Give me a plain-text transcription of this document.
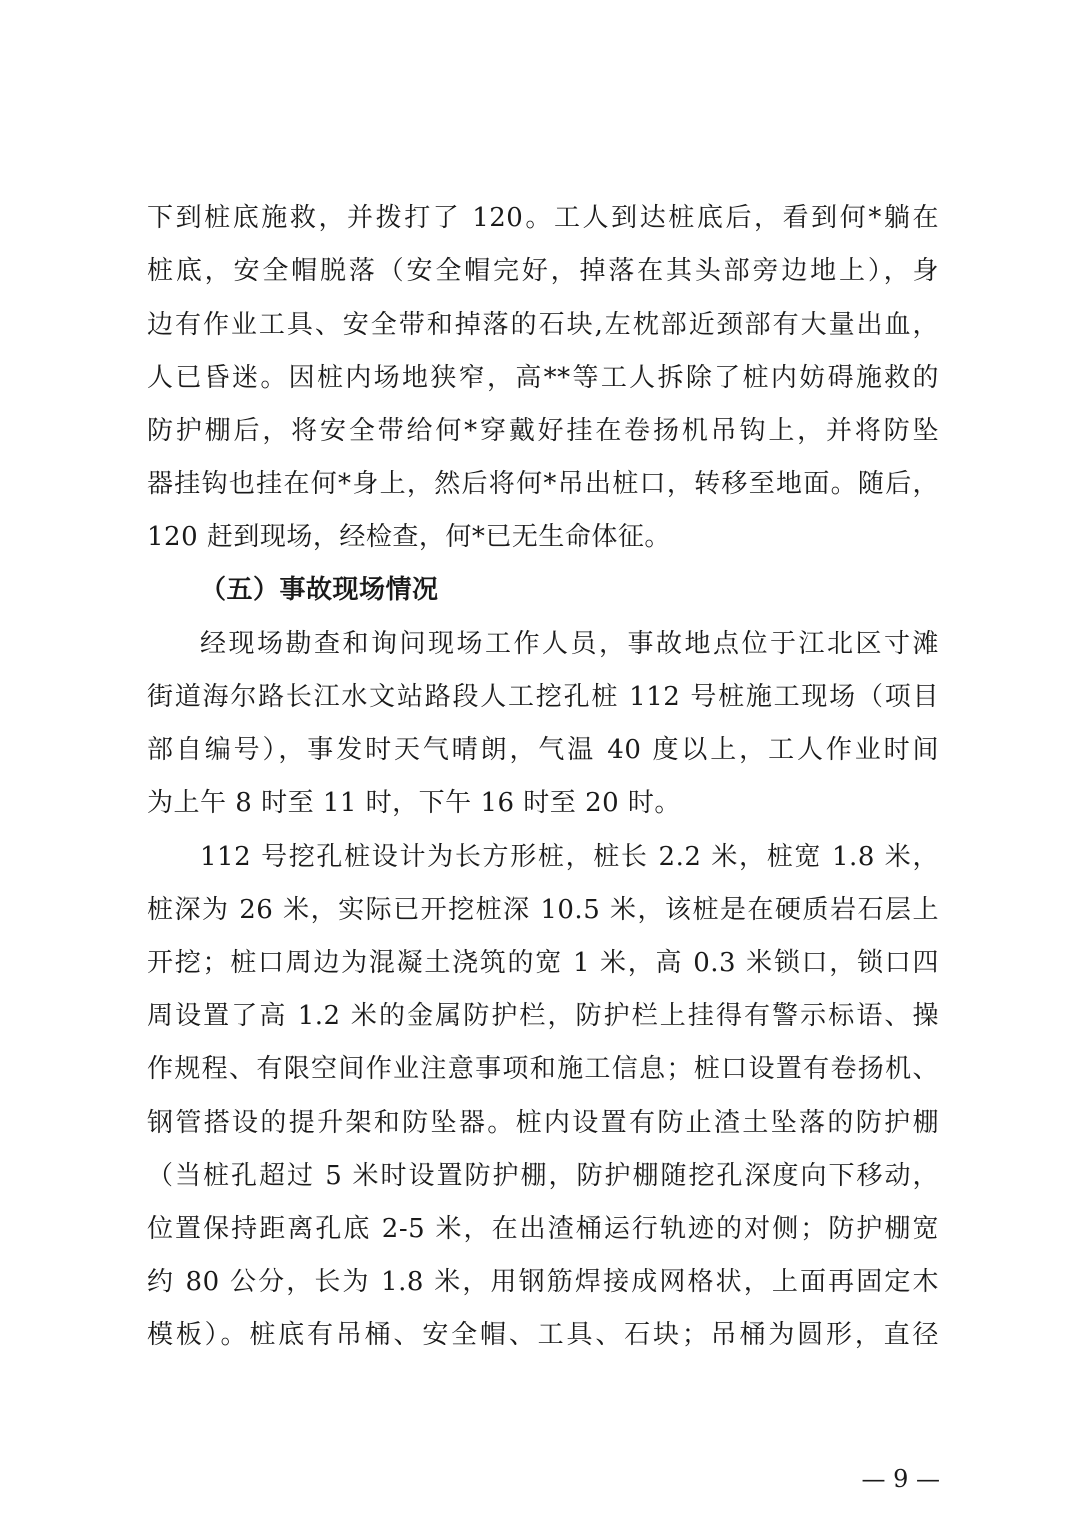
下到桩底施救，并拨打了 120。工人到达桩底后，看到何*躺在
桩底，安全帽脱落（安全帽完好，掉落在其头部旁边地上），身
边有作业工具、安全带和掉落的石块,左枕部近颈部有大量出血，
人已昏迷。因桩内场地狭窄，高**等工人拆除了桩内妨碍施救的
防护棚后，将安全带给何*穿戴好挂在卷扬机吊钩上，并将防坠
器挂钩也挂在何*身上，然后将何*吊出桩口，转移至地面。随后，
120 赶到现场，经检查，何*已无生命体征。
（五）事故现场情况
经现场勘查和询问现场工作人员，事故地点位于江北区寸滩
街道海尔路长江水文站路段人工挖孔桩 112 号桩施工现场（项目
部自编号），事发时天气晴朗，气温 40 度以上，工人作业时间
为上午 8 时至 11 时，下午 16 时至 20 时。
112 号挖孔桩设计为长方形桩，桩长 2.2 米，桩宽 1.8 米，
桩深为 26 米，实际已开挖桩深 10.5 米，该桩是在硬质岩石层上
开挖；桩口周边为混凝土浇筑的宽 1 米，高 0.3 米锁口，锁口四
周设置了高 1.2 米的金属防护栏，防护栏上挂得有警示标语、操
作规程、有限空间作业注意事项和施工信息；桩口设置有卷扬机、
钢管搭设的提升架和防坠器。桩内设置有防止渣土坠落的防护棚
（当桩孔超过 5 米时设置防护棚，防护棚随挖孔深度向下移动，
位置保持距离孔底 2-5 米，在出渣桶运行轨迹的对侧；防护棚宽
约 80 公分，长为 1.8 米，用钢筋焊接成网格状，上面再固定木
模板）。桩底有吊桶、安全帽、工具、石块；吊桶为圆形，直径
— 9 —
